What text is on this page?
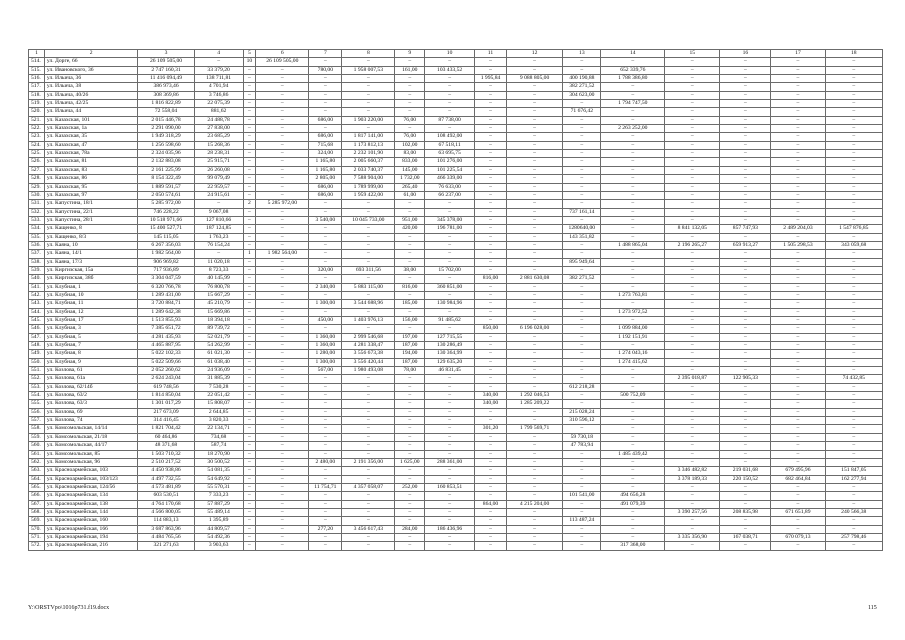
1	2	3	4	5	6	7	8	9	10	11	12	13	14	15	16	17	18
514.	ул. Дорге, 66	26 109 505,00	–	10	26 109 505,00	–	–	–	–	–	–	–	–	–	–	–	–
515.	ул. Ивановского, 36	2 747 160,31	33 379,20	–	–	780,00	1 958 007,53	161,00	103 433,52	–	–	–	652 339,76	–	–	–	–
516.	ул. Ильича, 36	11 416 094,49	138 711,81	–	–	–	–	–	–	1 995,84	9 088 805,00	400 190,88	1 788 386,80	–	–	–	–
517.	ул. Ильича, 38	386 973,46	4 701,94	–	–	–	–	–	–	–	–	382 271,52	–	–	–	–	–
518.	ул. Ильича, 40/26	308 369,86	3 746,86	–	–	–	–	–	–	–	–	304 623,00	–	–	–	–	–
519.	ул. Ильича, 42/25	1 816 822,89	22 075,39	–	–	–	–	–	–	–	–	–	1 794 747,50	–	–	–	–
520.	ул. Ильича, 44	72 558,04	881,62	–	–	–	–	–	–	–	–	71 676,42	–	–	–	–	–
521.	ул. Казахская, 101	2 015 446,78	24 488,78	–	–	686,00	1 903 220,00	76,00	87 738,00	–	–	–	–	–	–	–	–
522.	ул. Казахская, 1а	2 291 090,00	27 838,00	–	–	–	–	–	–	–	–	–	2 263 252,00	–	–	–	–
523.	ул. Казахская, 35	1 949 318,29	23 685,29	–	–	686,00	1 817 141,00	76,00	108 492,00	–	–	–	–	–	–	–	–
524.	ул. Казахская, 47	1 256 598,60	15 268,36	–	–	715,68	1 173 812,13	102,00	67 518,11	–	–	–	–	–	–	–	–
525.	ул. Казахская, 78а	2 324 035,96	28 238,31	–	–	324,00	2 232 101,90	83,00	63 695,75	–	–	–	–	–	–	–	–
526.	ул. Казахская, 81	2 132 883,08	25 915,71	–	–	1 165,80	2 005 660,37	833,00	101 276,00	–	–	–	–	–	–	–	–
527.	ул. Казахская, 83	2 161 225,99	26 260,08	–	–	1 165,80	2 033 740,37	145,00	101 225,54	–	–	–	–	–	–	–	–
528.	ул. Казахская, 86	8 154 322,49	99 079,49	–	–	2 805,00	7 588 904,00	1 732,00	466 339,00	–	–	–	–	–	–	–	–
529.	ул. Казахская, 95	1 889 591,57	22 959,57	–	–	686,00	1 789 999,00	265,40	76 633,00	–	–	–	–	–	–	–	–
530.	ул. Казахская, 97	2 050 574,61	24 915,61	–	–	686,00	1 959 422,00	61,00	66 237,00	–	–	–	–	–	–	–	–
531.	ул. Капустина, 18/1	5 285 972,00	–	2	5 285 972,00	–	–	–	–	–	–	–	–	–	–	–	–
532.	ул. Капустина, 22/1	746 228,22	9 067,08	–	–	–	–	–	–	–	–	737 161,14	–	–	–	–	–
533.	ул. Капустина, 28/1	10 518 971,66	127 810,66	–	–	3 540,00	10 045 733,00	951,00	345 378,00	–	–	–	–	–	–	–	–
534.	ул. Кащенко, 8	15 400 527,71	187 124,85	–	–	–	–	420,00	196 781,00	–	–	1280640,00	–	8 841 132,05	857 747,93	2 489 204,03	1 547 876,85
535.	ул. Кащенко, 8/3	145 115,05	1 763,23	–	–	–	–	–	–	–	–	143 351,82	–	–	–	–	–
536.	ул. Каяна, 10	6 267 356,03	76 154,24	–	–	–	–	–	–	–	–	–	1 488 865,04	2 196 265,27	659 913,27	1 505 298,53	343 059,68
537.	ул. Каяна, 14/1	1 982 564,00	–	1	1 982 564,00	–	–	–	–	–	–	–	–	–	–	–	–
538.	ул. Каяна, 17/3	906 969,82	11 020,18	–	–	–	–	–	–	–	–	895 949,64	–	–	–	–	–
539.	ул. Киргизская, 15а	717 936,89	8 723,33	–	–	320,00	693 311,56	38,00	15 702,00	–	–	–	–	–	–	–	–
540.	ул. Киргизская, 38б	3 304 047,59	40 145,99	–	–	–	–	–	–	816,00	2 881 630,08	382 271,52	–	–	–	–	–
541.	ул. Клубная, 1	6 320 766,78	76 800,78	–	–	2 340,00	5 883 115,00	816,00	360 851,00	–	–	–	–	–	–	–	–
542.	ул. Клубная, 10	1 289 431,00	15 667,29	–	–	–	–	–	–	–	–	–	1 273 763,81	–	–	–	–
543.	ул. Клубная, 11	3 720 884,71	45 210,79	–	–	1 300,00	3 544 688,96	185,00	130 984,96	–	–	–	–	–	–	–	–
544.	ул. Клубная, 12	1 289 642,38	15 669,86	–	–	–	–	–	–	–	–	–	1 273 972,52	–	–	–	–
545.	ул. Клубная, 17	1 513 855,93	18 394,18	–	–	450,00	1 403 976,13	156,00	91 485,62	–	–	–	–	–	–	–	–
546.	ул. Клубная, 3	7 385 651,72	89 739,72	–	–	–	–	–	–	850,00	6 196 028,00	–	1 099 884,00	–	–	–	–
547.	ул. Клубная, 5	4 281 435,93	52 021,79	–	–	1 360,00	2 999 546,68	197,00	127 715,55	–	–	–	1 192 151,91	–	–	–	–
548.	ул. Клубная, 7	4 465 887,95	54 262,99	–	–	1 360,00	4 281 338,47	187,00	130 286,49	–	–	–	–	–	–	–	–
549.	ул. Клубная, 8	5 022 102,33	61 021,30	–	–	1 280,00	3 556 673,38	194,00	130 364,99	–	–	–	1 274 043,16	–	–	–	–
550.	ул. Клубная, 9	5 022 509,66	61 038,40	–	–	1 300,00	3 556 420,44	187,00	129 635,20	–	–	–	1 274 415,62	–	–	–	–
551.	ул. Козлова, 61	2 052 260,62	24 936,09	–	–	567,00	1 980 493,08	78,00	46 831,45	–	–	–	–	–	–	–	–
552.	ул. Козлова, 61а	2 624 243,04	31 885,39	–	–	–	–	–	–	–	–	–	–	2 395 018,87	122 905,33	–	74 432,85
553.	ул. Козлова, 62/14б	619 748,56	7 530,28	–	–	–	–	–	–	–	–	612 218,28	–	–	–	–	–
554.	ул. Козлова, 63/2	1 814 850,04	22 051,42	–	–	–	–	–	–	340,00	1 292 046,53	–	500 752,09	–	–	–	–
555.	ул. Козлова, 63/3	1 301 017,29	15 808,07	–	–	–	–	–	–	340,00	1 285 209,22	–	–	–	–	–	–
556.	ул. Козлова, 69	217 673,09	2 644,85	–	–	–	–	–	–	–	–	215 028,24	–	–	–	–	–
557.	ул. Козлова, 74	314 416,45	3 820,33	–	–	–	–	–	–	–	–	310 596,12	–	–	–	–	–
558.	ул. Комсомольская, 14/14	1 821 704,42	22 134,71	–	–	–	–	–	–	301,20	1 799 569,71	–	–	–	–	–	–
559.	ул. Комсомольская, 21/18	60 464,86	734,68	–	–	–	–	–	–	–	–	59 730,18	–	–	–	–	–
560.	ул. Комсомольская, 44/17	48 371,68	587,74	–	–	–	–	–	–	–	–	47 783,94	–	–	–	–	–
561.	ул. Комсомольская, 85	1 503 710,32	18 270,90	–	–	–	–	–	–	–	–	–	1 485 439,42	–	–	–	–
562.	ул. Комсомольская, 96	2 510 217,52	30 500,52	–	–	2 480,00	2 191 356,00	1 625,00	288 361,00	–	–	–	–	–	–	–	–
563.	ул. Красноармейская, 103	4 450 938,86	54 081,35	–	–	–	–	–	–	–	–	–	–	3 346 482,82	219 031,68	679 495,96	151 847,05
564.	ул. Красноармейская, 103/123	4 497 732,55	54 649,92	–	–	–	–	–	–	–	–	–	–	3 378 189,33	220 150,52	682 464,84	162 277,94
565.	ул. Красноармейская, 124/56	4 573 481,89	55 570,31	–	–	11 754,71	4 357 058,07	252,00	160 853,51	–	–	–	–	–	–	–	–
566.	ул. Красноармейская, 134	603 530,51	7 333,23	–	–	–	–	–	–	–	–	101 541,00	494 656,28	–	–	–	–
567.	ул. Красноармейская, 138	4 764 170,68	57 887,29	–	–	–	–	–	–	864,00	4 215 204,00	–	491 079,39	–	–	–	–
568.	ул. Красноармейская, 144	4 566 800,05	55 489,14	–	–	–	–	–	–	–	–	–	–	3 390 257,56	208 835,98	671 651,89	240 566,38
569.	ул. Красноармейская, 160	114 883,13	1 395,89	–	–	–	–	–	–	–	–	113 487,24	–	–	–	–	–
570.	ул. Красноармейская, 166	3 687 863,96	44 809,57	–	–	277,20	3 456 617,43	284,00	186 436,96	–	–	–	–	–	–	–	–
571.	ул. Красноармейская, 194	4 484 765,56	54 492,36	–	–	–	–	–	–	–	–	–	–	3 335 356,90	167 038,71	670 079,13	257 798,46
572.	ул. Красноармейская, 216	321 271,63	3 903,63	–	–	–	–	–	–	–	–	–	317 368,00	–	–	–	–
Y:\ORSTVpo\1016p731.f19.docx	115
